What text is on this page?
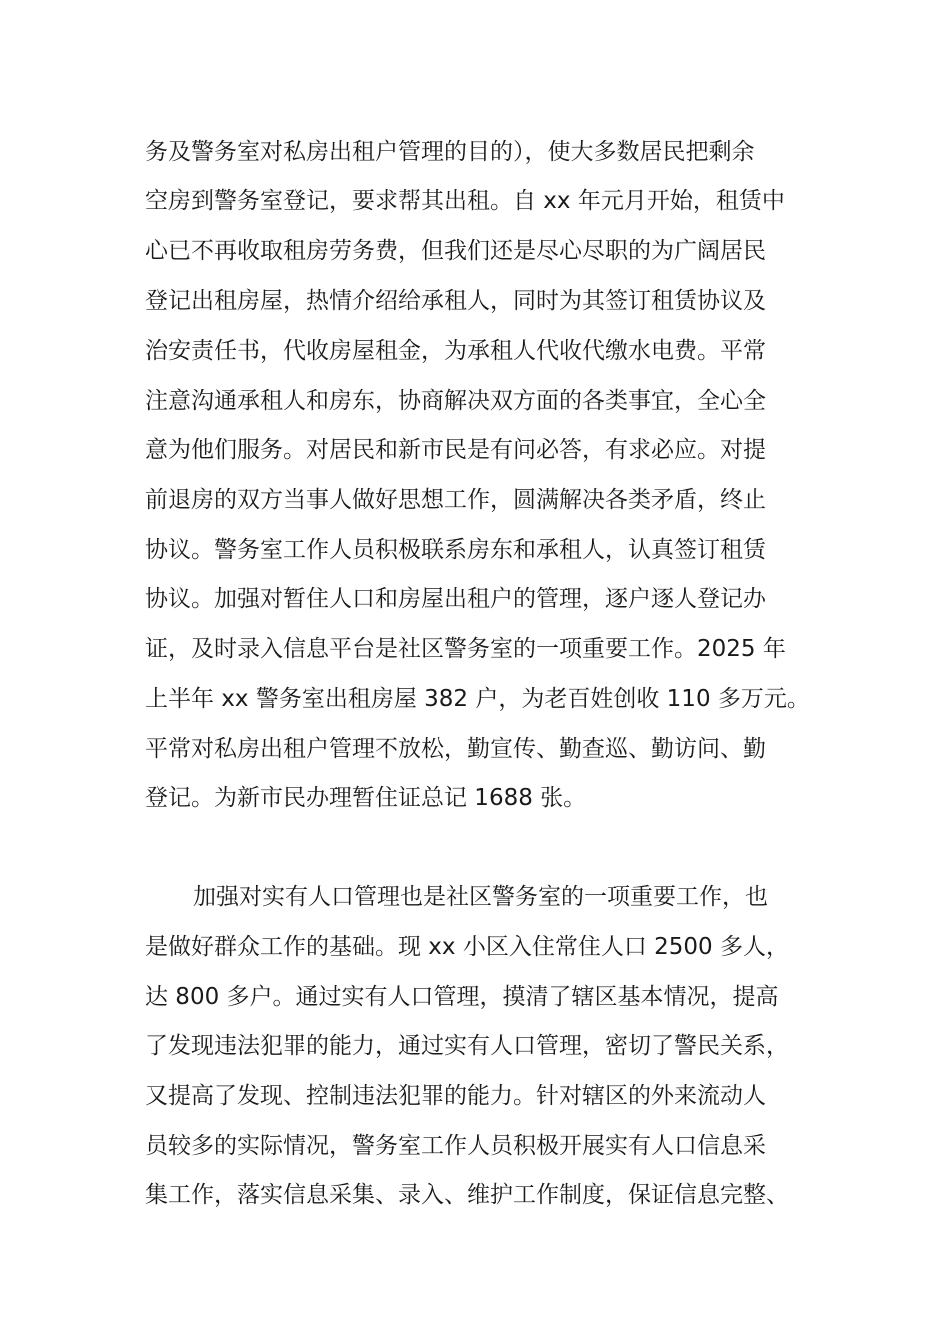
务及警务室对私房出租户管理的目的），使大多数居民把剩余
空房到警务室登记，要求帮其出租。自 xx 年元月开始，租赁中
心已不再收取租房劳务费，但我们还是尽心尽职的为广阔居民
登记出租房屋，热情介绍给承租人，同时为其签订租赁协议及
治安责任书，代收房屋租金，为承租人代收代缴水电费。平常
注意沟通承租人和房东，协商解决双方面的各类事宜，全心全
意为他们服务。对居民和新市民是有问必答，有求必应。对提
前退房的双方当事人做好思想工作，圆满解决各类矛盾，终止
协议。警务室工作人员积极联系房东和承租人，认真签订租赁
协议。加强对暂住人口和房屋出租户的管理，逐户逐人登记办
证，及时录入信息平台是社区警务室的一项重要工作。2025 年
上半年 xx 警务室出租房屋 382 户，为老百姓创收 110 多万元。
平常对私房出租户管理不放松，勤宣传、勤查巡、勤访问、勤
登记。为新市民办理暂住证总记 1688 张。
加强对实有人口管理也是社区警务室的一项重要工作，也
是做好群众工作的基础。现 xx 小区入住常住人口 2500 多人，
达 800 多户。通过实有人口管理，摸清了辖区基本情况，提高
了发现违法犯罪的能力，通过实有人口管理，密切了警民关系，
又提高了发现、控制违法犯罪的能力。针对辖区的外来流动人
员较多的实际情况，警务室工作人员积极开展实有人口信息采
集工作，落实信息采集、录入、维护工作制度，保证信息完整、
